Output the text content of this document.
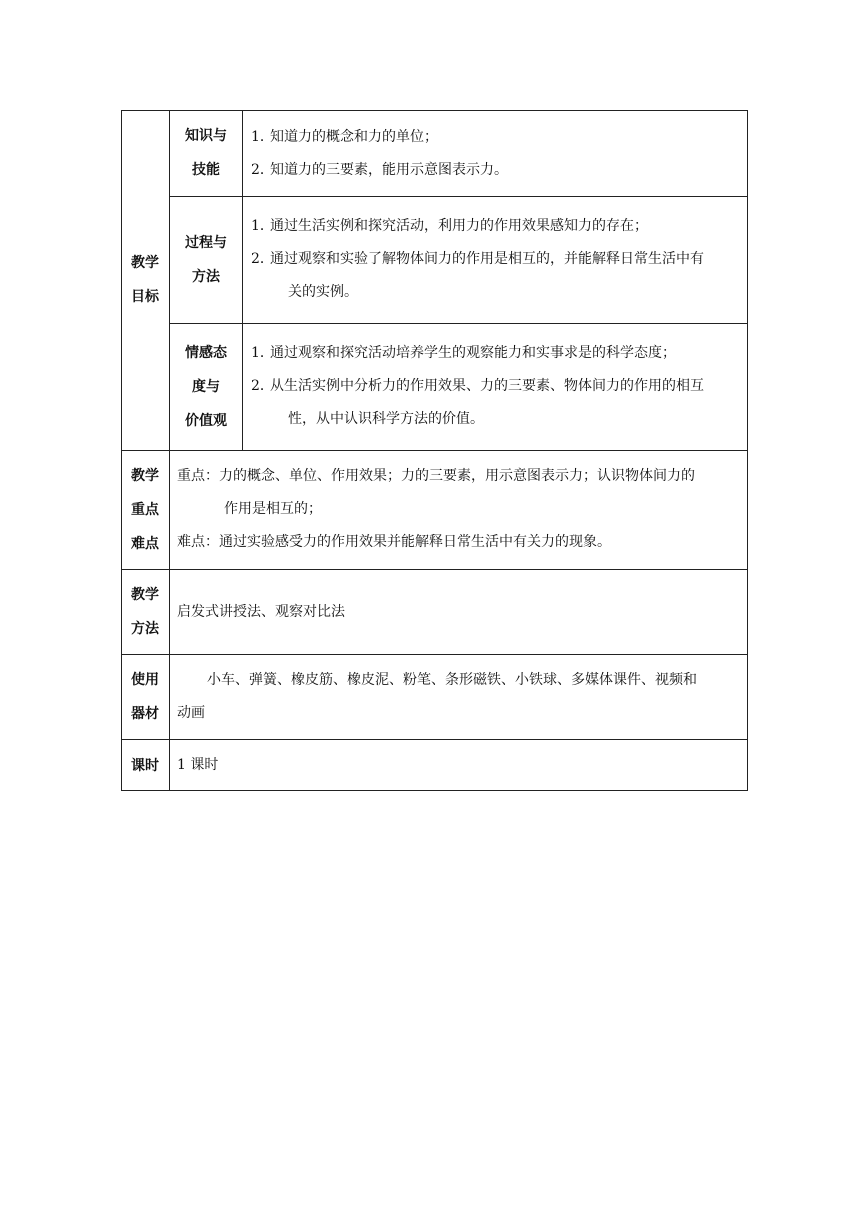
教学
目标
知识与
技能
1．
知道力的概念和力的单位；
2．
知道力的三要素，能用示意图表示力。
过程与
方法
1．
通过生活实例和探究活动，利用力的作用效果感知力的存在；
2．
通过观察和实验了解物体间力的作用是相互的，并能解释日常生活中有
关的实例。
情感态
度与
价值观
1．
通过观察和探究活动培养学生的观察能力和实事求是的科学态度；
2．
从生活实例中分析力的作用效果、力的三要素、物体间力的作用的相互
性，从中认识科学方法的价值。
教学
重点
难点
重点：力的概念、单位、作用效果；力的三要素，用示意图表示力；认识物体间力的
作用是相互的；
难点：通过实验感受力的作用效果并能解释日常生活中有关力的现象。
教学
方法
启发式讲授法、观察对比法
使用
器材
小车、弹簧、橡皮筋、橡皮泥、粉笔、条形磁铁、小铁球、多媒体课件、视频和
动画
课时 1 课时
